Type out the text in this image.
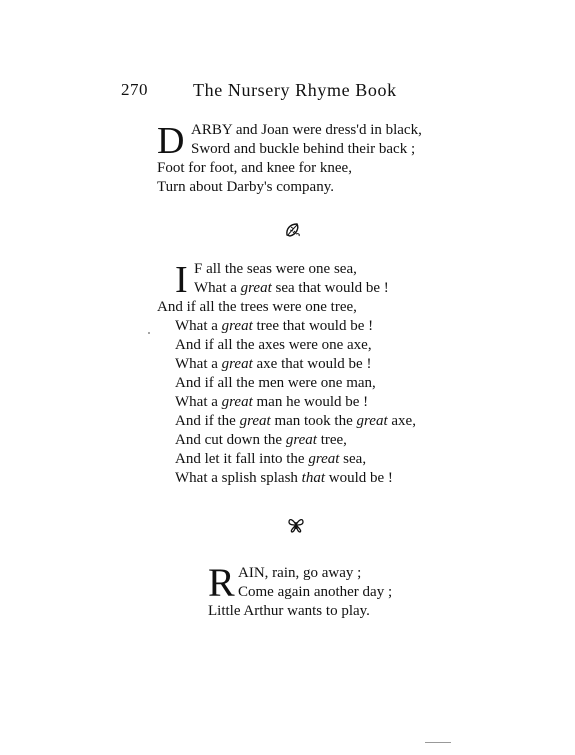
270	The Nursery Rhyme Book
D ARBY and Joan were dress'd in black,
Sword and buckle behind their back ;
Foot for foot, and knee for knee,
Turn about Darby's company.
I F all the seas were one sea,
What a great sea that would be !
And if all the trees were one tree,
What a great tree that would be !
And if all the axes were one axe,
What a great axe that would be !
And if all the men were one man,
What a great man he would be !
And if the great man took the great axe,
And cut down the great tree,
And let it fall into the great sea,
What a splish splash that would be !
R AIN, rain, go away ;
Come again another day ;
Little Arthur wants to play.
